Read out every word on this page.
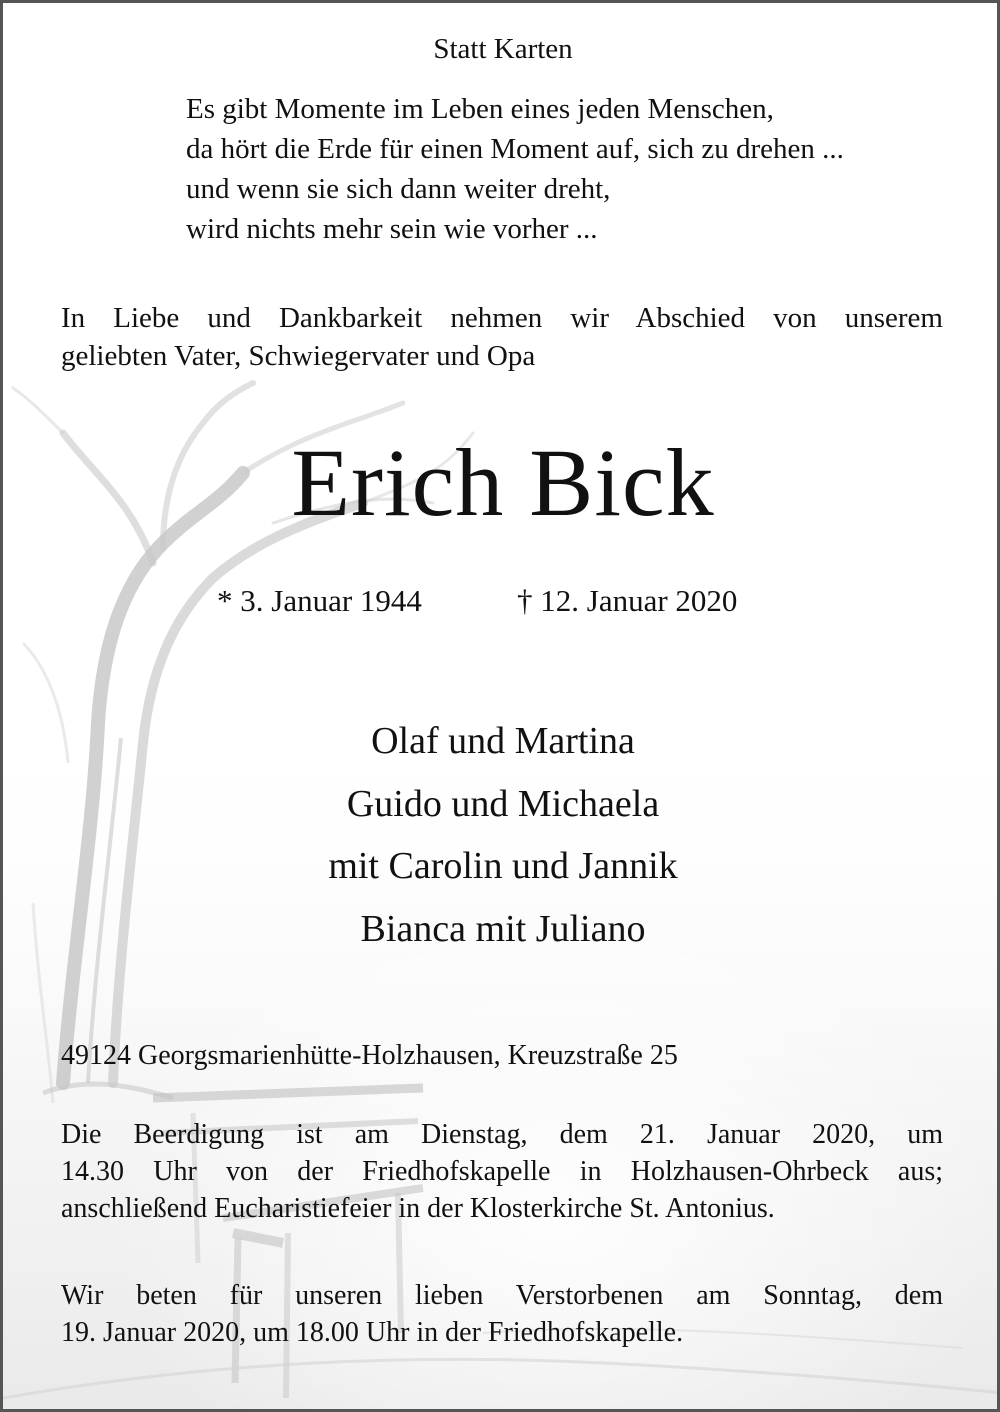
Statt Karten
Es gibt Momente im Leben eines jeden Menschen,
da hört die Erde für einen Moment auf, sich zu drehen ...
und wenn sie sich dann weiter dreht,
wird nichts mehr sein wie vorher ...
In Liebe und Dankbarkeit nehmen wir Abschied von unserem
geliebten Vater, Schwiegervater und Opa
Erich Bick
* 3. Januar 1944	† 12. Januar 2020
Olaf und Martina
Guido und Michaela
mit Carolin und Jannik
Bianca mit Juliano
49124 Georgsmarienhütte-Holzhausen, Kreuzstraße 25
Die Beerdigung ist am Dienstag, dem 21. Januar 2020, um
14.30 Uhr von der Friedhofskapelle in Holzhausen-Ohrbeck aus;
anschließend Eucharistiefeier in der Klosterkirche St. Antonius.
Wir beten für unseren lieben Verstorbenen am Sonntag, dem
19. Januar 2020, um 18.00 Uhr in der Friedhofskapelle.
